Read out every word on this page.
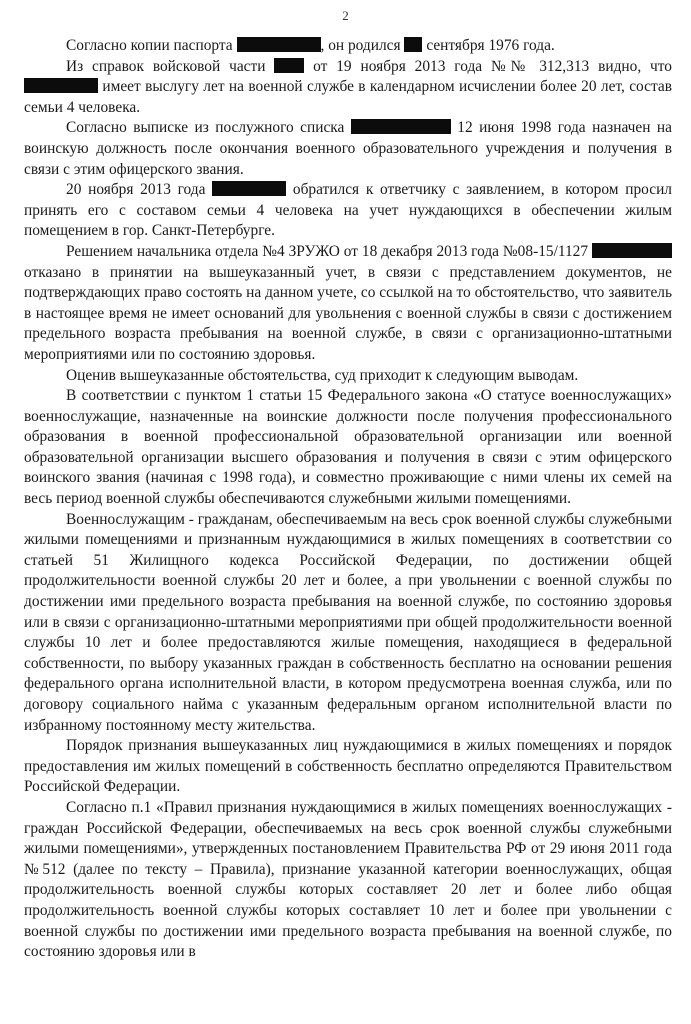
2

Согласно копии паспорта	, он родился сентября 1976 года.

Из справок войсковой части	от 19 ноября 2013 года №№ 312,313 видно, что  имеет выслугу лет на военной службе в календарном исчислении более 20 лет, состав семьи 4 человека.

Согласно выписке из послужного списка	12 июня 1998 года назначен на воинскую должность после окончания военного образовательного учреждения и получения в связи с этим офицерского звания.

20 ноября 2013 года	обратился к ответчику с заявлением, в котором просил принять его с составом семьи 4 человека на учет нуждающихся в обеспечении жилым помещением в гор. Санкт-Петербурге.

Решением начальника отдела №4 ЗРУЖО от 18 декабря 2013 года №08-15/1127  отказано в принятии на вышеуказанный учет, в связи с представлением документов, не подтверждающих право состоять на данном учете, со ссылкой на то обстоятельство, что заявитель в настоящее время не имеет оснований для увольнения с военной службы в связи с достижением предельного возраста пребывания на военной службе, в связи с организационно-штатными мероприятиями или по состоянию здоровья.

Оценив вышеуказанные обстоятельства, суд приходит к следующим выводам.

В соответствии с пунктом 1 статьи 15 Федерального закона «О статусе военнослужащих» военнослужащие, назначенные на воинские должности после получения профессионального образования в военной профессиональной образовательной организации или военной образовательной организации высшего образования и получения в связи с этим офицерского воинского звания (начиная с 1998 года), и совместно проживающие с ними члены их семей на весь период военной службы обеспечиваются служебными жилыми помещениями.

Военнослужащим - гражданам, обеспечиваемым на весь срок военной службы служебными жилыми помещениями и признанным нуждающимися в жилых помещениях в соответствии со статьей 51 Жилищного кодекса Российской Федерации, по достижении общей продолжительности военной службы 20 лет и более, а при увольнении с военной службы по достижении ими предельного возраста пребывания на военной службе, по состоянию здоровья или в связи с организационно-штатными мероприятиями при общей продолжительности военной службы 10 лет и более предоставляются жилые помещения, находящиеся в федеральной собственности, по выбору указанных граждан в собственность бесплатно на основании решения федерального органа исполнительной власти, в котором предусмотрена военная служба, или по договору социального найма с указанным федеральным органом исполнительной власти по избранному постоянному месту жительства.

Порядок признания вышеуказанных лиц нуждающимися в жилых помещениях и порядок предоставления им жилых помещений в собственность бесплатно определяются Правительством Российской Федерации.

Согласно п.1 «Правил признания нуждающимися в жилых помещениях военнослужащих - граждан Российской Федерации, обеспечиваемых на весь срок военной службы служебными жилыми помещениями», утвержденных постановлением Правительства РФ от 29 июня 2011 года №512 (далее по тексту – Правила), признание указанной категории военнослужащих, общая продолжительность военной службы которых составляет 20 лет и более либо общая продолжительность военной службы которых составляет 10 лет и более при увольнении с военной службы по достижении ими предельного возраста пребывания на военной службе, по состоянию здоровья или в
